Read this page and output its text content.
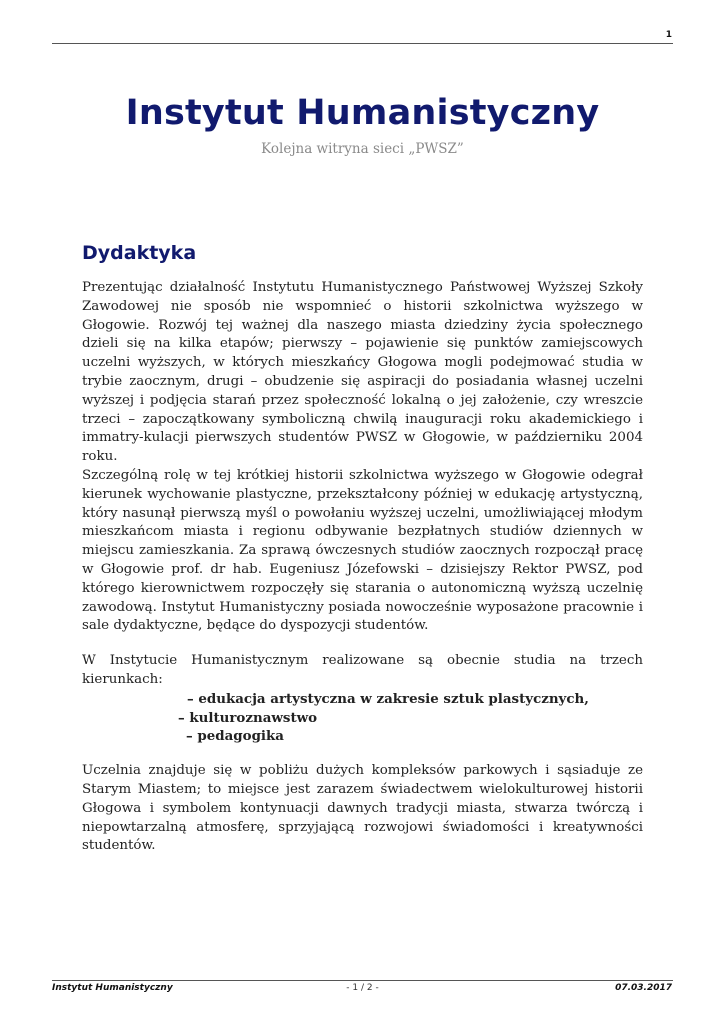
1
Instytut Humanistyczny
Kolejna witryna sieci „PWSZ”
Dydaktyka

Prezentując działalność Instytutu Humanistycznego Państwowej Wyższej Szkoły Zawodowej nie sposób nie wspomnieć o historii szkolnictwa wyższego w Głogowie. Rozwój tej ważnej dla naszego miasta dziedziny życia społecznego dzieli się na kilka etapów; pierwszy – pojawienie się punktów zamiejscowych uczelni wyższych, w których mieszkańcy Głogowa mogli podejmować studia w trybie zaocznym, drugi – obudzenie się aspiracji do posiadania własnej uczelni wyższej i podjęcia starań przez społeczność lokalną o jej założenie, czy wreszcie trzeci – zapoczątkowany symboliczną chwilą inauguracji roku akademickiego i immatry-kulacji pierwszych studentów PWSZ w Głogowie, w październiku 2004 roku.

Szczególną rolę w tej krótkiej historii szkolnictwa wyższego w Głogowie odegrał kierunek wychowanie plastyczne, przekształcony później w edukację artystyczną, który nasunął pierwszą myśl o powołaniu wyższej uczelni, umożliwiającej młodym mieszkańcom miasta i regionu odbywanie bezpłatnych studiów dziennych w miejscu zamieszkania. Za sprawą ówczesnych studiów zaocznych rozpoczął pracę w Głogowie prof. dr hab. Eugeniusz Józefowski – dzisiejszy Rektor PWSZ, pod którego kierownictwem rozpoczęły się starania o autonomiczną wyższą uczelnię zawodową. Instytut Humanistyczny posiada nowocześnie wyposażone pracownie i sale dydaktyczne, będące do dyspozycji studentów.

W Instytucie Humanistycznym realizowane są obecnie studia na trzech kierunkach:

– edukacja artystyczna w zakresie sztuk plastycznych,

– kulturoznawstwo

– pedagogika

Uczelnia znajduje się w pobliżu dużych kompleksów parkowych i sąsiaduje ze Starym Miastem; to miejsce jest zarazem świadectwem wielokulturowej historii Głogowa i symbolem kontynuacji dawnych tradycji miasta, stwarza twórczą i niepowtarzalną atmosferę, sprzyjającą rozwojowi świadomości i kreatywności studentów.

Instytut Humanistyczny	- 1 / 2 -	07.03.2017
